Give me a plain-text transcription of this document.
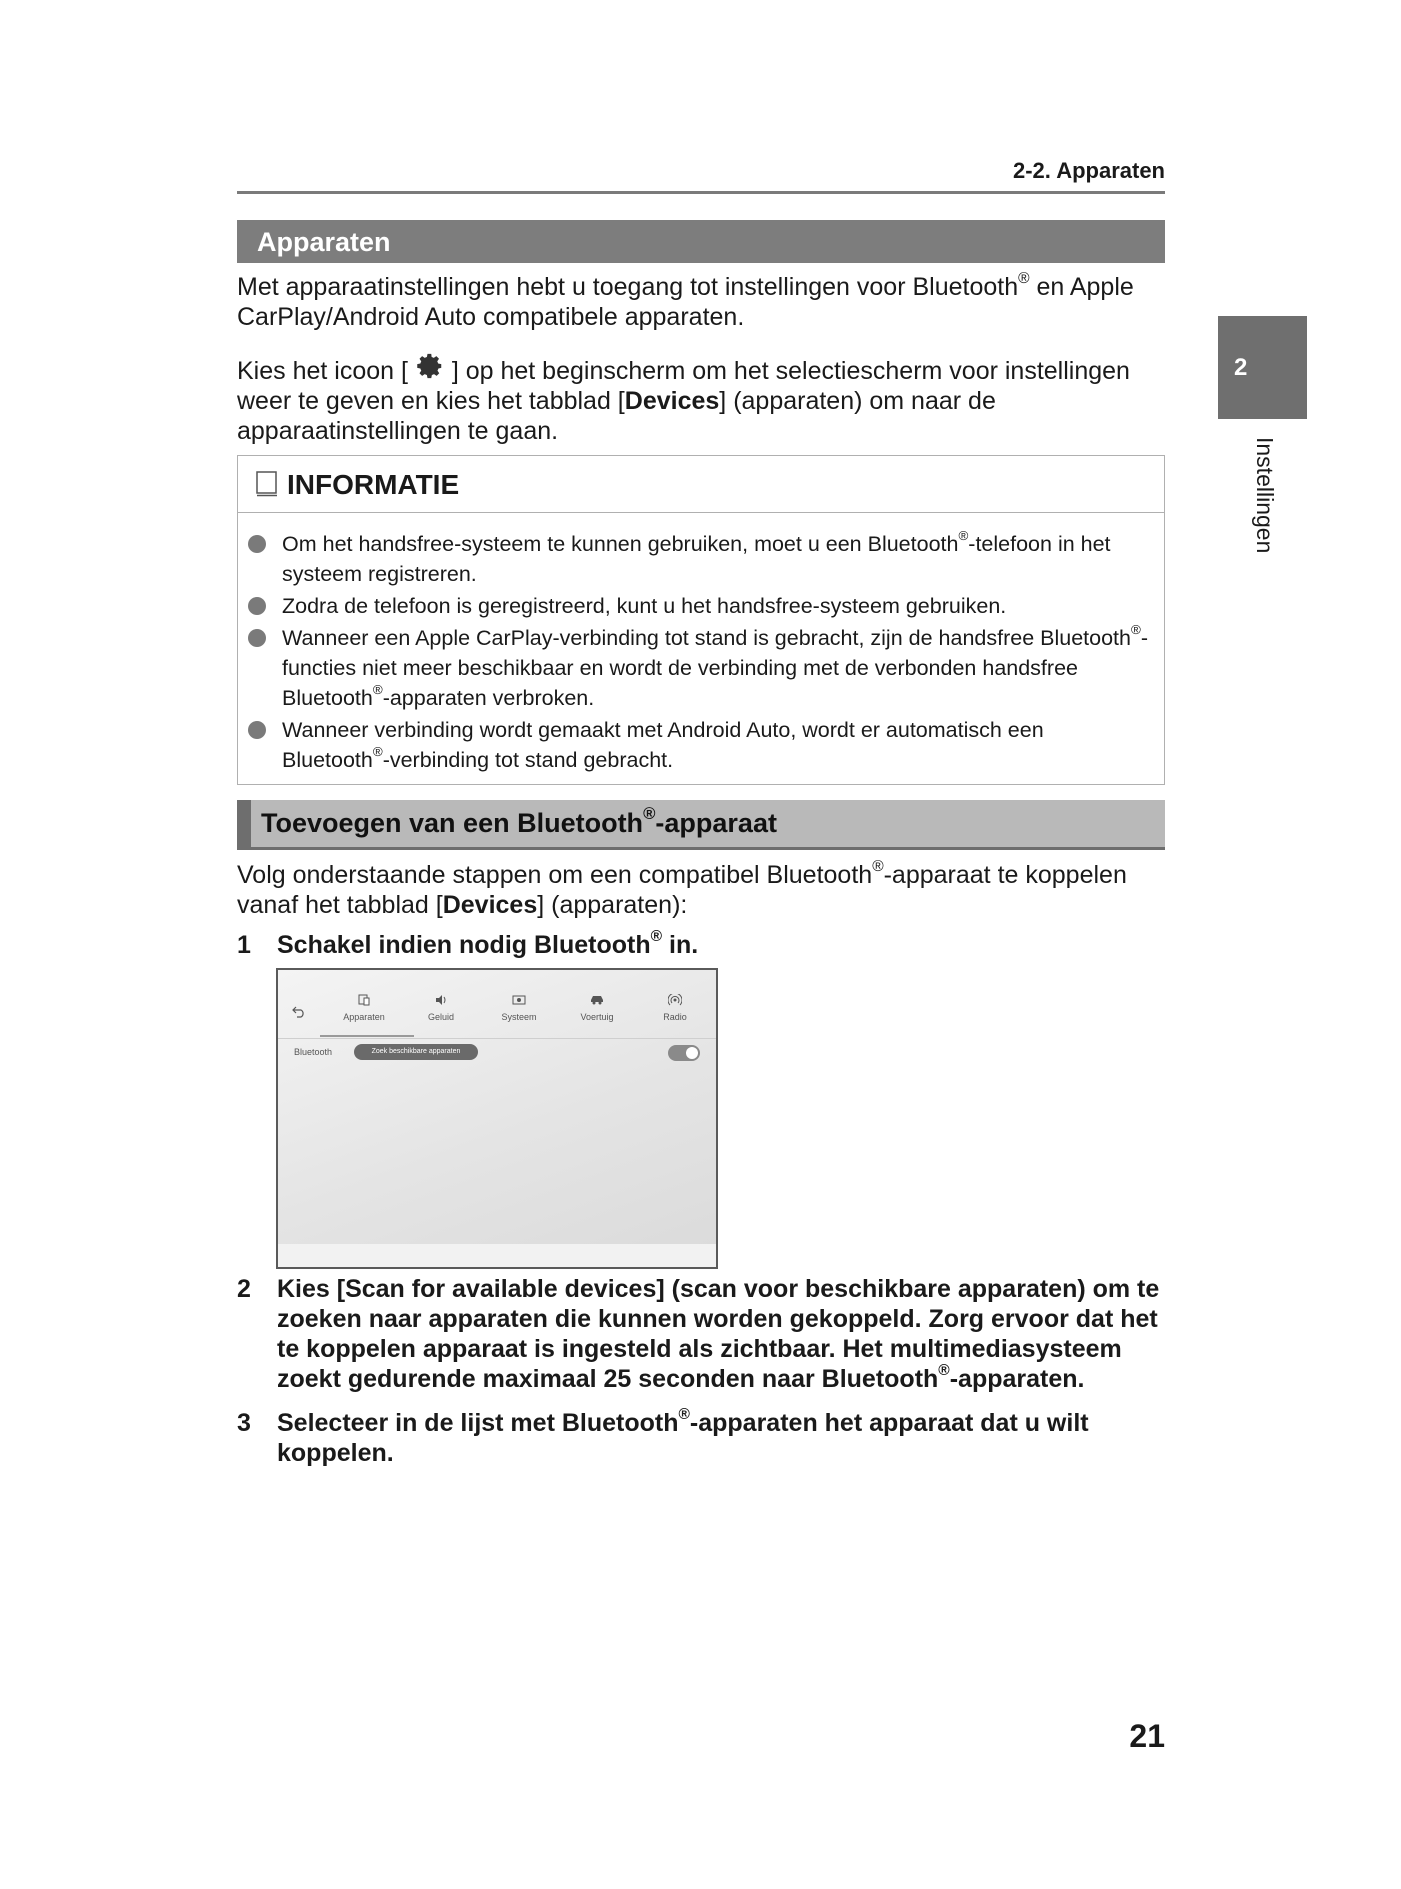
2-2. Apparaten
Apparaten
Met apparaatinstellingen hebt u toegang tot instellingen voor Bluetooth® en Apple CarPlay/Android Auto compatibele apparaten.
Kies het icoon [  ] op het beginscherm om het selectiescherm voor instellingen weer te geven en kies het tabblad [Devices] (apparaten) om naar de apparaatinstellingen te gaan.
INFORMATIE
Om het handsfree-systeem te kunnen gebruiken, moet u een Bluetooth®-telefoon in het systeem registreren.
Zodra de telefoon is geregistreerd, kunt u het handsfree-systeem gebruiken.
Wanneer een Apple CarPlay-verbinding tot stand is gebracht, zijn de handsfree Bluetooth®-functies niet meer beschikbaar en wordt de verbinding met de verbonden handsfree Bluetooth®-apparaten verbroken.
Wanneer verbinding wordt gemaakt met Android Auto, wordt er automatisch een Bluetooth®-verbinding tot stand gebracht.
Toevoegen van een Bluetooth®-apparaat
Volg onderstaande stappen om een compatibel Bluetooth®-apparaat te koppelen vanaf het tabblad [Devices] (apparaten):
1 Schakel indien nodig Bluetooth® in.
Apparaten	Geluid	Systeem	Voertuig	Radio
Bluetooth	Zoek beschikbare apparaten
2 Kies [Scan for available devices] (scan voor beschikbare apparaten) om te zoeken naar apparaten die kunnen worden gekoppeld. Zorg ervoor dat het te koppelen apparaat is ingesteld als zichtbaar. Het multimediasysteem zoekt gedurende maximaal 25 seconden naar Bluetooth®-apparaten.
3 Selecteer in de lijst met Bluetooth®-apparaten het apparaat dat u wilt koppelen.
2
Instellingen
21
